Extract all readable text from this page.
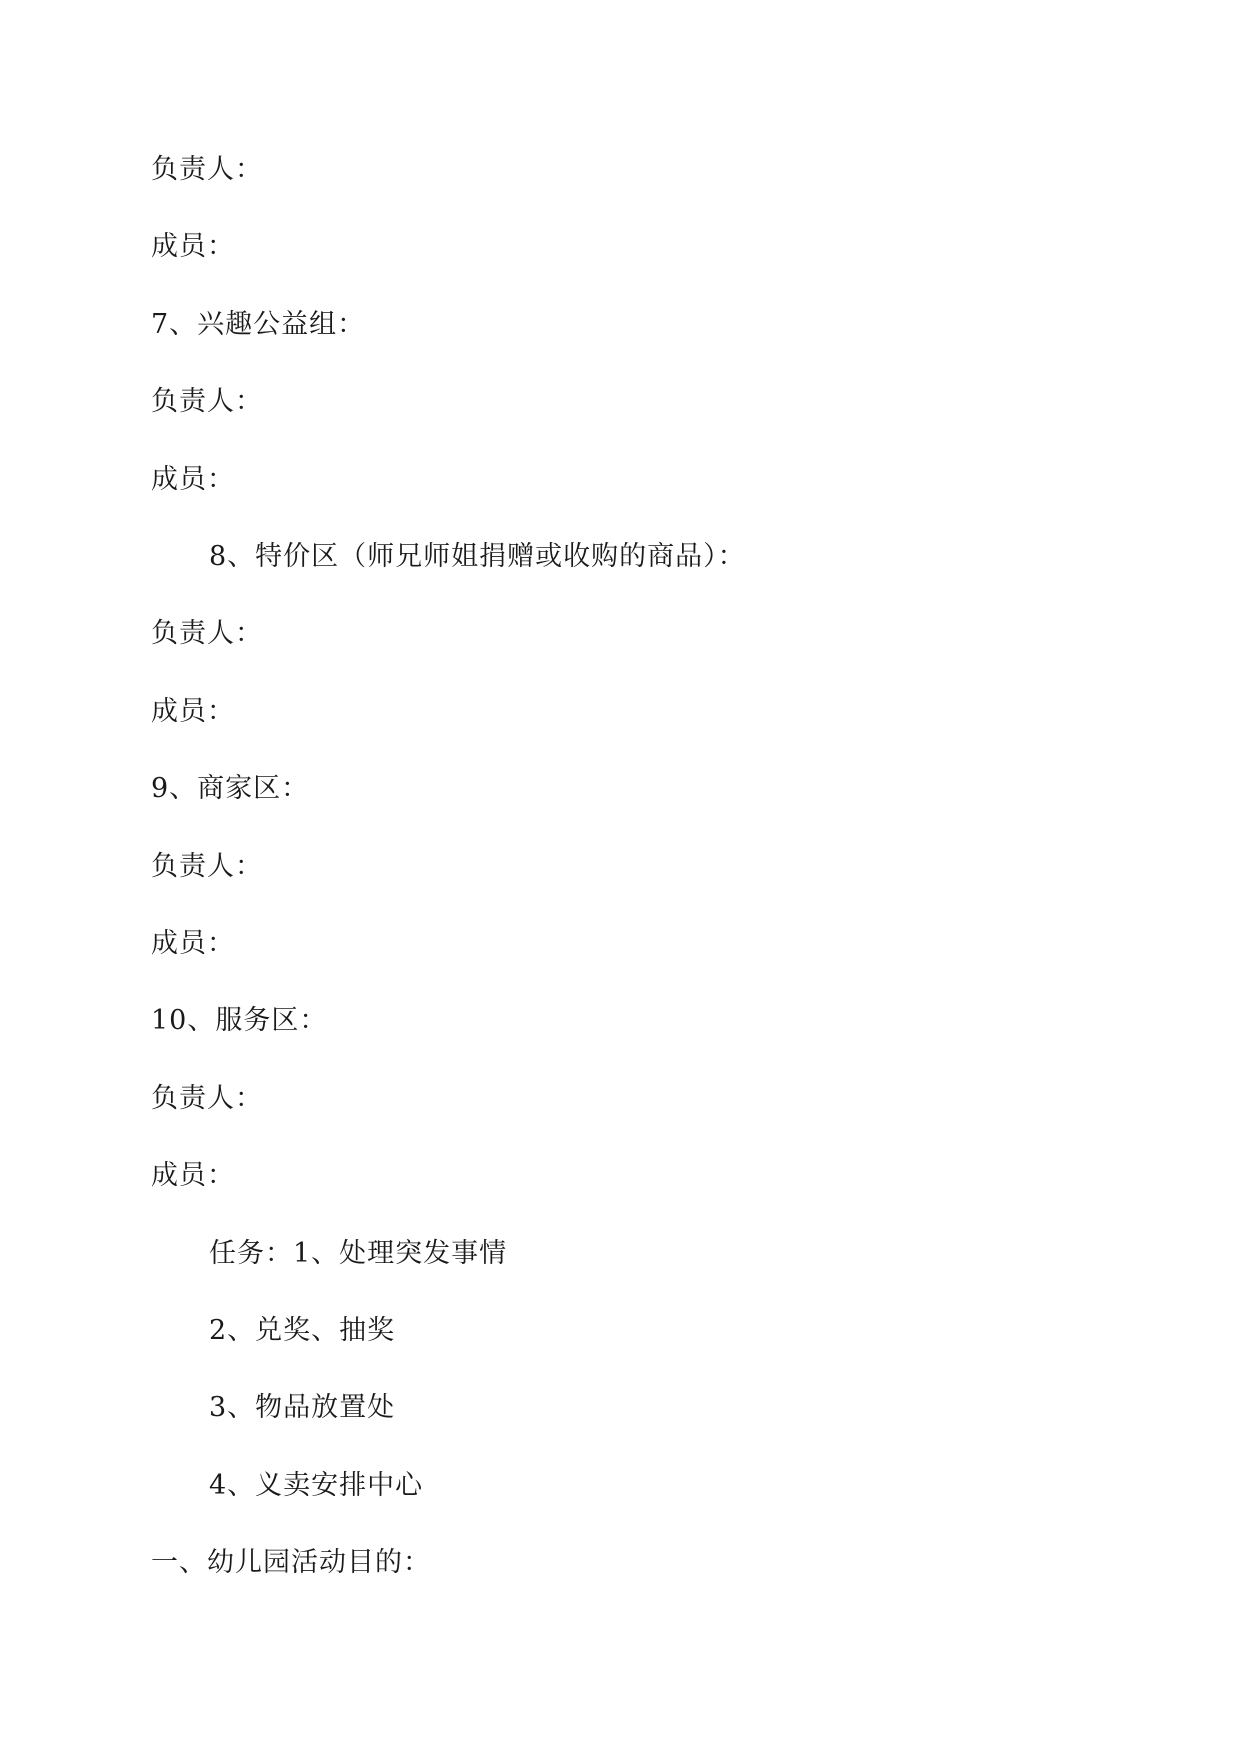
负责人：
成员：
7、兴趣公益组：
负责人：
成员：
8、特价区（师兄师姐捐赠或收购的商品）：
负责人：
成员：
9、商家区：
负责人：
成员：
10、服务区：
负责人：
成员：
任务：1、处理突发事情
2、兑奖、抽奖
3、物品放置处
4、义卖安排中心
一、幼儿园活动目的：
